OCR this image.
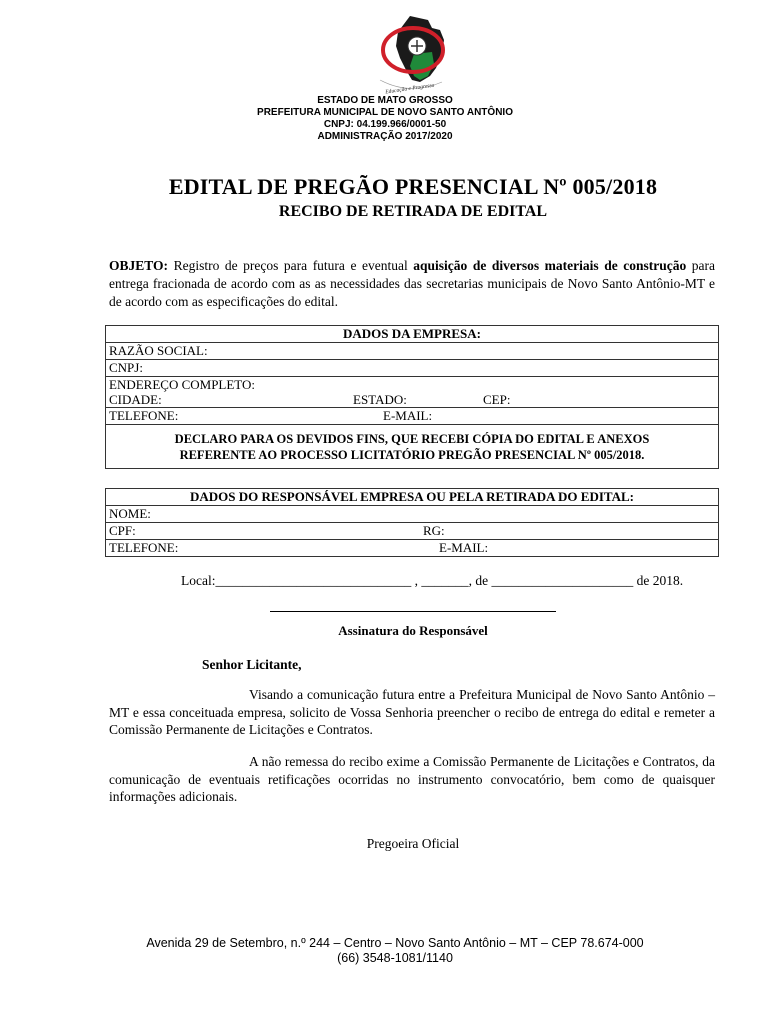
Educação e Progresso
ESTADO DE MATO GROSSO
PREFEITURA MUNICIPAL DE NOVO SANTO ANTÔNIO
CNPJ: 04.199.966/0001-50
ADMINISTRAÇÃO 2017/2020
EDITAL DE PREGÃO PRESENCIAL Nº 005/2018
RECIBO DE RETIRADA DE EDITAL
OBJETO: Registro de preços para futura e eventual aquisição de diversos materiais de construção para entrega fracionada de acordo com as as necessidades das secretarias municipais de Novo Santo Antônio-MT e de acordo com as especificações do edital.
DADOS DA EMPRESA:
RAZÃO SOCIAL:
CNPJ:

ENDEREÇO COMPLETO:
CIDADE:	ESTADO:	CEP:

TELEFONE:	E-MAIL:

DECLARO PARA OS DEVIDOS FINS, QUE RECEBI CÓPIA DO EDITAL E ANEXOS
REFERENTE AO PROCESSO LICITATÓRIO PREGÃO PRESENCIAL Nº 005/2018.
DADOS DO RESPONSÁVEL EMPRESA OU PELA RETIRADA DO EDITAL:
NOME:
CPF:	RG:
TELEFONE:	E-MAIL:
Local:_____________________________ , _______, de _____________________ de 2018.
Assinatura do Responsável
Senhor Licitante,
Visando a comunicação futura entre a Prefeitura Municipal de Novo Santo Antônio – MT e essa conceituada empresa, solicito de Vossa Senhoria preencher o recibo de entrega do edital e remeter a Comissão Permanente de Licitações e Contratos.
A não remessa do recibo exime a Comissão Permanente de Licitações e Contratos, da comunicação de eventuais retificações ocorridas no instrumento convocatório, bem como de quaisquer informações adicionais.
Pregoeira Oficial
Avenida 29 de Setembro, n.º 244 – Centro – Novo Santo Antônio – MT – CEP 78.674-000
(66) 3548-1081/1140
